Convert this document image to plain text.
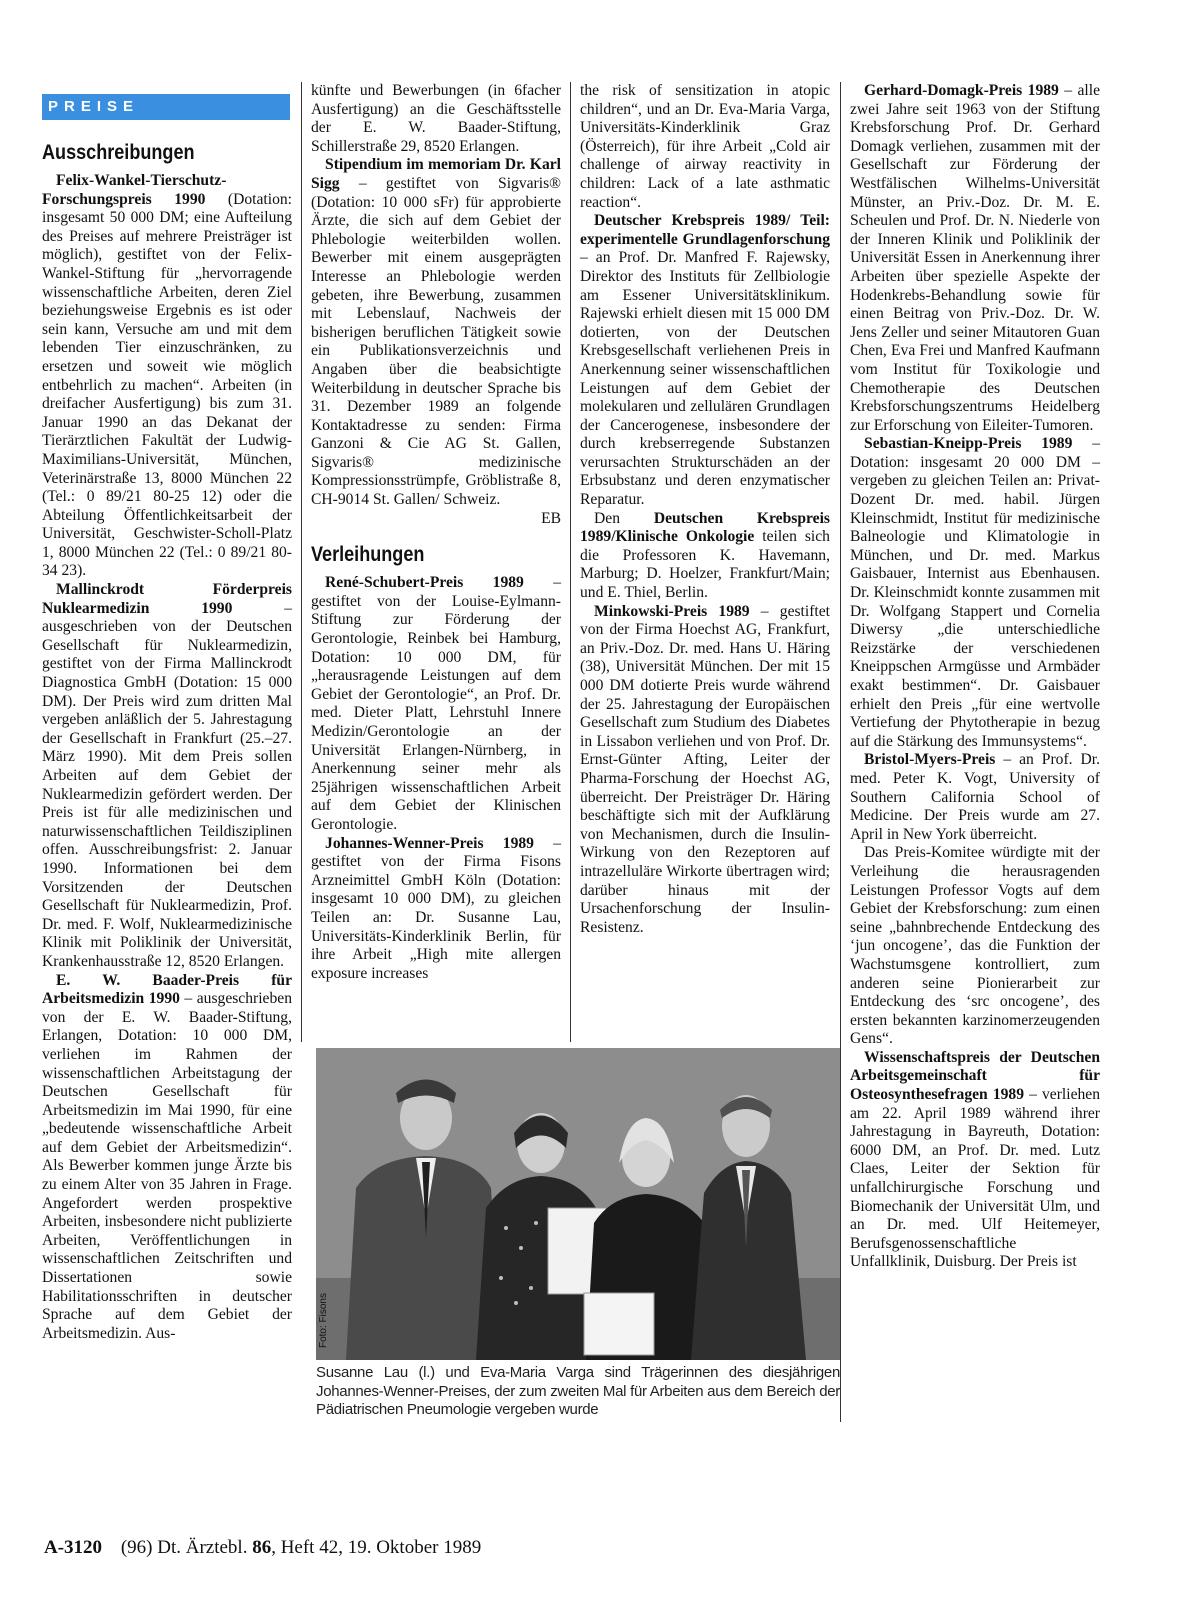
PREISE
Ausschreibungen

Felix-Wankel-Tierschutz-Forschungspreis 1990 (Dotation: insgesamt 50 000 DM; eine Aufteilung des Preises auf mehrere Preisträger ist möglich), gestiftet von der Felix-Wankel-Stiftung für „hervorragende wissenschaftliche Arbeiten, deren Ziel beziehungsweise Ergebnis es ist oder sein kann, Versuche am und mit dem lebenden Tier einzuschränken, zu ersetzen und soweit wie möglich entbehrlich zu machen“. Arbeiten (in dreifacher Ausfertigung) bis zum 31. Januar 1990 an das Dekanat der Tierärztlichen Fakultät der Ludwig-Maximilians-Universität, München, Veterinärstraße 13, 8000 München 22 (Tel.: 0 89/21 80-25 12) oder die Abteilung Öffentlichkeitsarbeit der Universität, Geschwister-Scholl-Platz 1, 8000 München 22 (Tel.: 0 89/21 80-34 23).

Mallinckrodt Förderpreis Nuklearmedizin 1990 – ausgeschrieben von der Deutschen Gesellschaft für Nuklearmedizin, gestiftet von der Firma Mallinckrodt Diagnostica GmbH (Dotation: 15 000 DM). Der Preis wird zum dritten Mal vergeben anläßlich der 5. Jahrestagung der Gesellschaft in Frankfurt (25.–27. März 1990). Mit dem Preis sollen Arbeiten auf dem Gebiet der Nuklearmedizin gefördert werden. Der Preis ist für alle medizinischen und naturwissenschaftlichen Teildisziplinen offen. Ausschreibungsfrist: 2. Januar 1990. Informationen bei dem Vorsitzenden der Deutschen Gesellschaft für Nuklearmedizin, Prof. Dr. med. F. Wolf, Nuklearmedizinische Klinik mit Poliklinik der Universität, Krankenhausstraße 12, 8520 Erlangen.

E. W. Baader-Preis für Arbeitsmedizin 1990 – ausgeschrieben von der E. W. Baader-Stiftung, Erlangen, Dotation: 10 000 DM, verliehen im Rahmen der wissenschaftlichen Arbeitstagung der Deutschen Gesellschaft für Arbeitsmedizin im Mai 1990, für eine „bedeutende wissenschaftliche Arbeit auf dem Gebiet der Arbeitsmedizin“. Als Bewerber kommen junge Ärzte bis zu einem Alter von 35 Jahren in Frage. Angefordert werden prospektive Arbeiten, insbesondere nicht publizierte Arbeiten, Veröffentlichungen in wissenschaftlichen Zeitschriften und Dissertationen sowie Habilitationsschriften in deutscher Sprache auf dem Gebiet der Arbeitsmedizin. Aus-

künfte und Bewerbungen (in 6facher Ausfertigung) an die Geschäftsstelle der E. W. Baader-Stiftung, Schillerstraße 29, 8520 Erlangen.

Stipendium im memoriam Dr. Karl Sigg – gestiftet von Sigvaris® (Dotation: 10 000 sFr) für approbierte Ärzte, die sich auf dem Gebiet der Phlebologie weiterbilden wollen. Bewerber mit einem ausgeprägten Interesse an Phlebologie werden gebeten, ihre Bewerbung, zusammen mit Lebenslauf, Nachweis der bisherigen beruflichen Tätigkeit sowie ein Publikationsverzeichnis und Angaben über die beabsichtigte Weiterbildung in deutscher Sprache bis 31. Dezember 1989 an folgende Kontaktadresse zu senden: Firma Ganzoni & Cie AG St. Gallen, Sigvaris® medizinische Kompressionsstrümpfe, Gröblistraße 8, CH-9014 St. Gallen/ Schweiz.

EB

Verleihungen

René-Schubert-Preis 1989 – gestiftet von der Louise-Eylmann-Stiftung zur Förderung der Gerontologie, Reinbek bei Hamburg, Dotation: 10 000 DM, für „herausragende Leistungen auf dem Gebiet der Gerontologie“, an Prof. Dr. med. Dieter Platt, Lehrstuhl Innere Medizin/Gerontologie an der Universität Erlangen-Nürnberg, in Anerkennung seiner mehr als 25jährigen wissenschaftlichen Arbeit auf dem Gebiet der Klinischen Gerontologie.

Johannes-Wenner-Preis 1989 – gestiftet von der Firma Fisons Arzneimittel GmbH Köln (Dotation: insgesamt 10 000 DM), zu gleichen Teilen an: Dr. Susanne Lau, Universitäts-Kinderklinik Berlin, für ihre Arbeit „High mite allergen exposure increases

the risk of sensitization in atopic children“, und an Dr. Eva-Maria Varga, Universitäts-Kinderklinik Graz (Österreich), für ihre Arbeit „Cold air challenge of airway reactivity in children: Lack of a late asthmatic reaction“.

Deutscher Krebspreis 1989/ Teil: experimentelle Grundlagenforschung – an Prof. Dr. Manfred F. Rajewsky, Direktor des Instituts für Zellbiologie am Essener Universitätsklinikum. Rajewski erhielt diesen mit 15 000 DM dotierten, von der Deutschen Krebsgesellschaft verliehenen Preis in Anerkennung seiner wissenschaftlichen Leistungen auf dem Gebiet der molekularen und zellulären Grundlagen der Cancerogenese, insbesondere der durch krebserregende Substanzen verursachten Strukturschäden an der Erbsubstanz und deren enzymatischer Reparatur.

Den Deutschen Krebspreis 1989/Klinische Onkologie teilen sich die Professoren K. Havemann, Marburg; D. Hoelzer, Frankfurt/Main; und E. Thiel, Berlin.

Minkowski-Preis 1989 – gestiftet von der Firma Hoechst AG, Frankfurt, an Priv.-Doz. Dr. med. Hans U. Häring (38), Universität München. Der mit 15 000 DM dotierte Preis wurde während der 25. Jahrestagung der Europäischen Gesellschaft zum Studium des Diabetes in Lissabon verliehen und von Prof. Dr. Ernst-Günter Afting, Leiter der Pharma-Forschung der Hoechst AG, überreicht. Der Preisträger Dr. Häring beschäftigte sich mit der Aufklärung von Mechanismen, durch die Insulin-Wirkung von den Rezeptoren auf intrazelluläre Wirkorte übertragen wird; darüber hinaus mit der Ursachenforschung der Insulin-Resistenz.

Gerhard-Domagk-Preis 1989 – alle zwei Jahre seit 1963 von der Stiftung Krebsforschung Prof. Dr. Gerhard Domagk verliehen, zusammen mit der Gesellschaft zur Förderung der Westfälischen Wilhelms-Universität Münster, an Priv.-Doz. Dr. M. E. Scheulen und Prof. Dr. N. Niederle von der Inneren Klinik und Poliklinik der Universität Essen in Anerkennung ihrer Arbeiten über spezielle Aspekte der Hodenkrebs-Behandlung sowie für einen Beitrag von Priv.-Doz. Dr. W. Jens Zeller und seiner Mitautoren Guan Chen, Eva Frei und Manfred Kaufmann vom Institut für Toxikologie und Chemotherapie des Deutschen Krebsforschungszentrums Heidelberg zur Erforschung von Eileiter-Tumoren.

Sebastian-Kneipp-Preis 1989 – Dotation: insgesamt 20 000 DM – vergeben zu gleichen Teilen an: Privat-Dozent Dr. med. habil. Jürgen Kleinschmidt, Institut für medizinische Balneologie und Klimatologie in München, und Dr. med. Markus Gaisbauer, Internist aus Ebenhausen. Dr. Kleinschmidt konnte zusammen mit Dr. Wolfgang Stappert und Cornelia Diwersy „die unterschiedliche Reizstärke der verschiedenen Kneippschen Armgüsse und Armbäder exakt bestimmen“. Dr. Gaisbauer erhielt den Preis „für eine wertvolle Vertiefung der Phytotherapie in bezug auf die Stärkung des Immunsystems“.

Bristol-Myers-Preis – an Prof. Dr. med. Peter K. Vogt, University of Southern California School of Medicine. Der Preis wurde am 27. April in New York überreicht.

Das Preis-Komitee würdigte mit der Verleihung die herausragenden Leistungen Professor Vogts auf dem Gebiet der Krebsforschung: zum einen seine „bahnbrechende Entdeckung des ‘jun oncogene’, das die Funktion der Wachstumsgene kontrolliert, zum anderen seine Pionierarbeit zur Entdeckung des ‘src oncogene’, des ersten bekannten karzinomerzeugenden Gens“.

Wissenschaftspreis der Deutschen Arbeitsgemeinschaft für Osteosynthesefragen 1989 – verliehen am 22. April 1989 während ihrer Jahrestagung in Bayreuth, Dotation: 6000 DM, an Prof. Dr. med. Lutz Claes, Leiter der Sektion für unfallchirurgische Forschung und Biomechanik der Universität Ulm, und an Dr. med. Ulf Heitemeyer, Berufsgenossenschaftliche Unfallklinik, Duisburg. Der Preis ist

Foto: Fisons
Susanne Lau (l.) und Eva-Maria Varga sind Trägerinnen des diesjährigen Johannes-Wenner-Preises, der zum zweiten Mal für Arbeiten aus dem Bereich der Pädiatrischen Pneumologie vergeben wurde
A-3120 (96) Dt. Ärztebl. 86, Heft 42, 19. Oktober 1989
